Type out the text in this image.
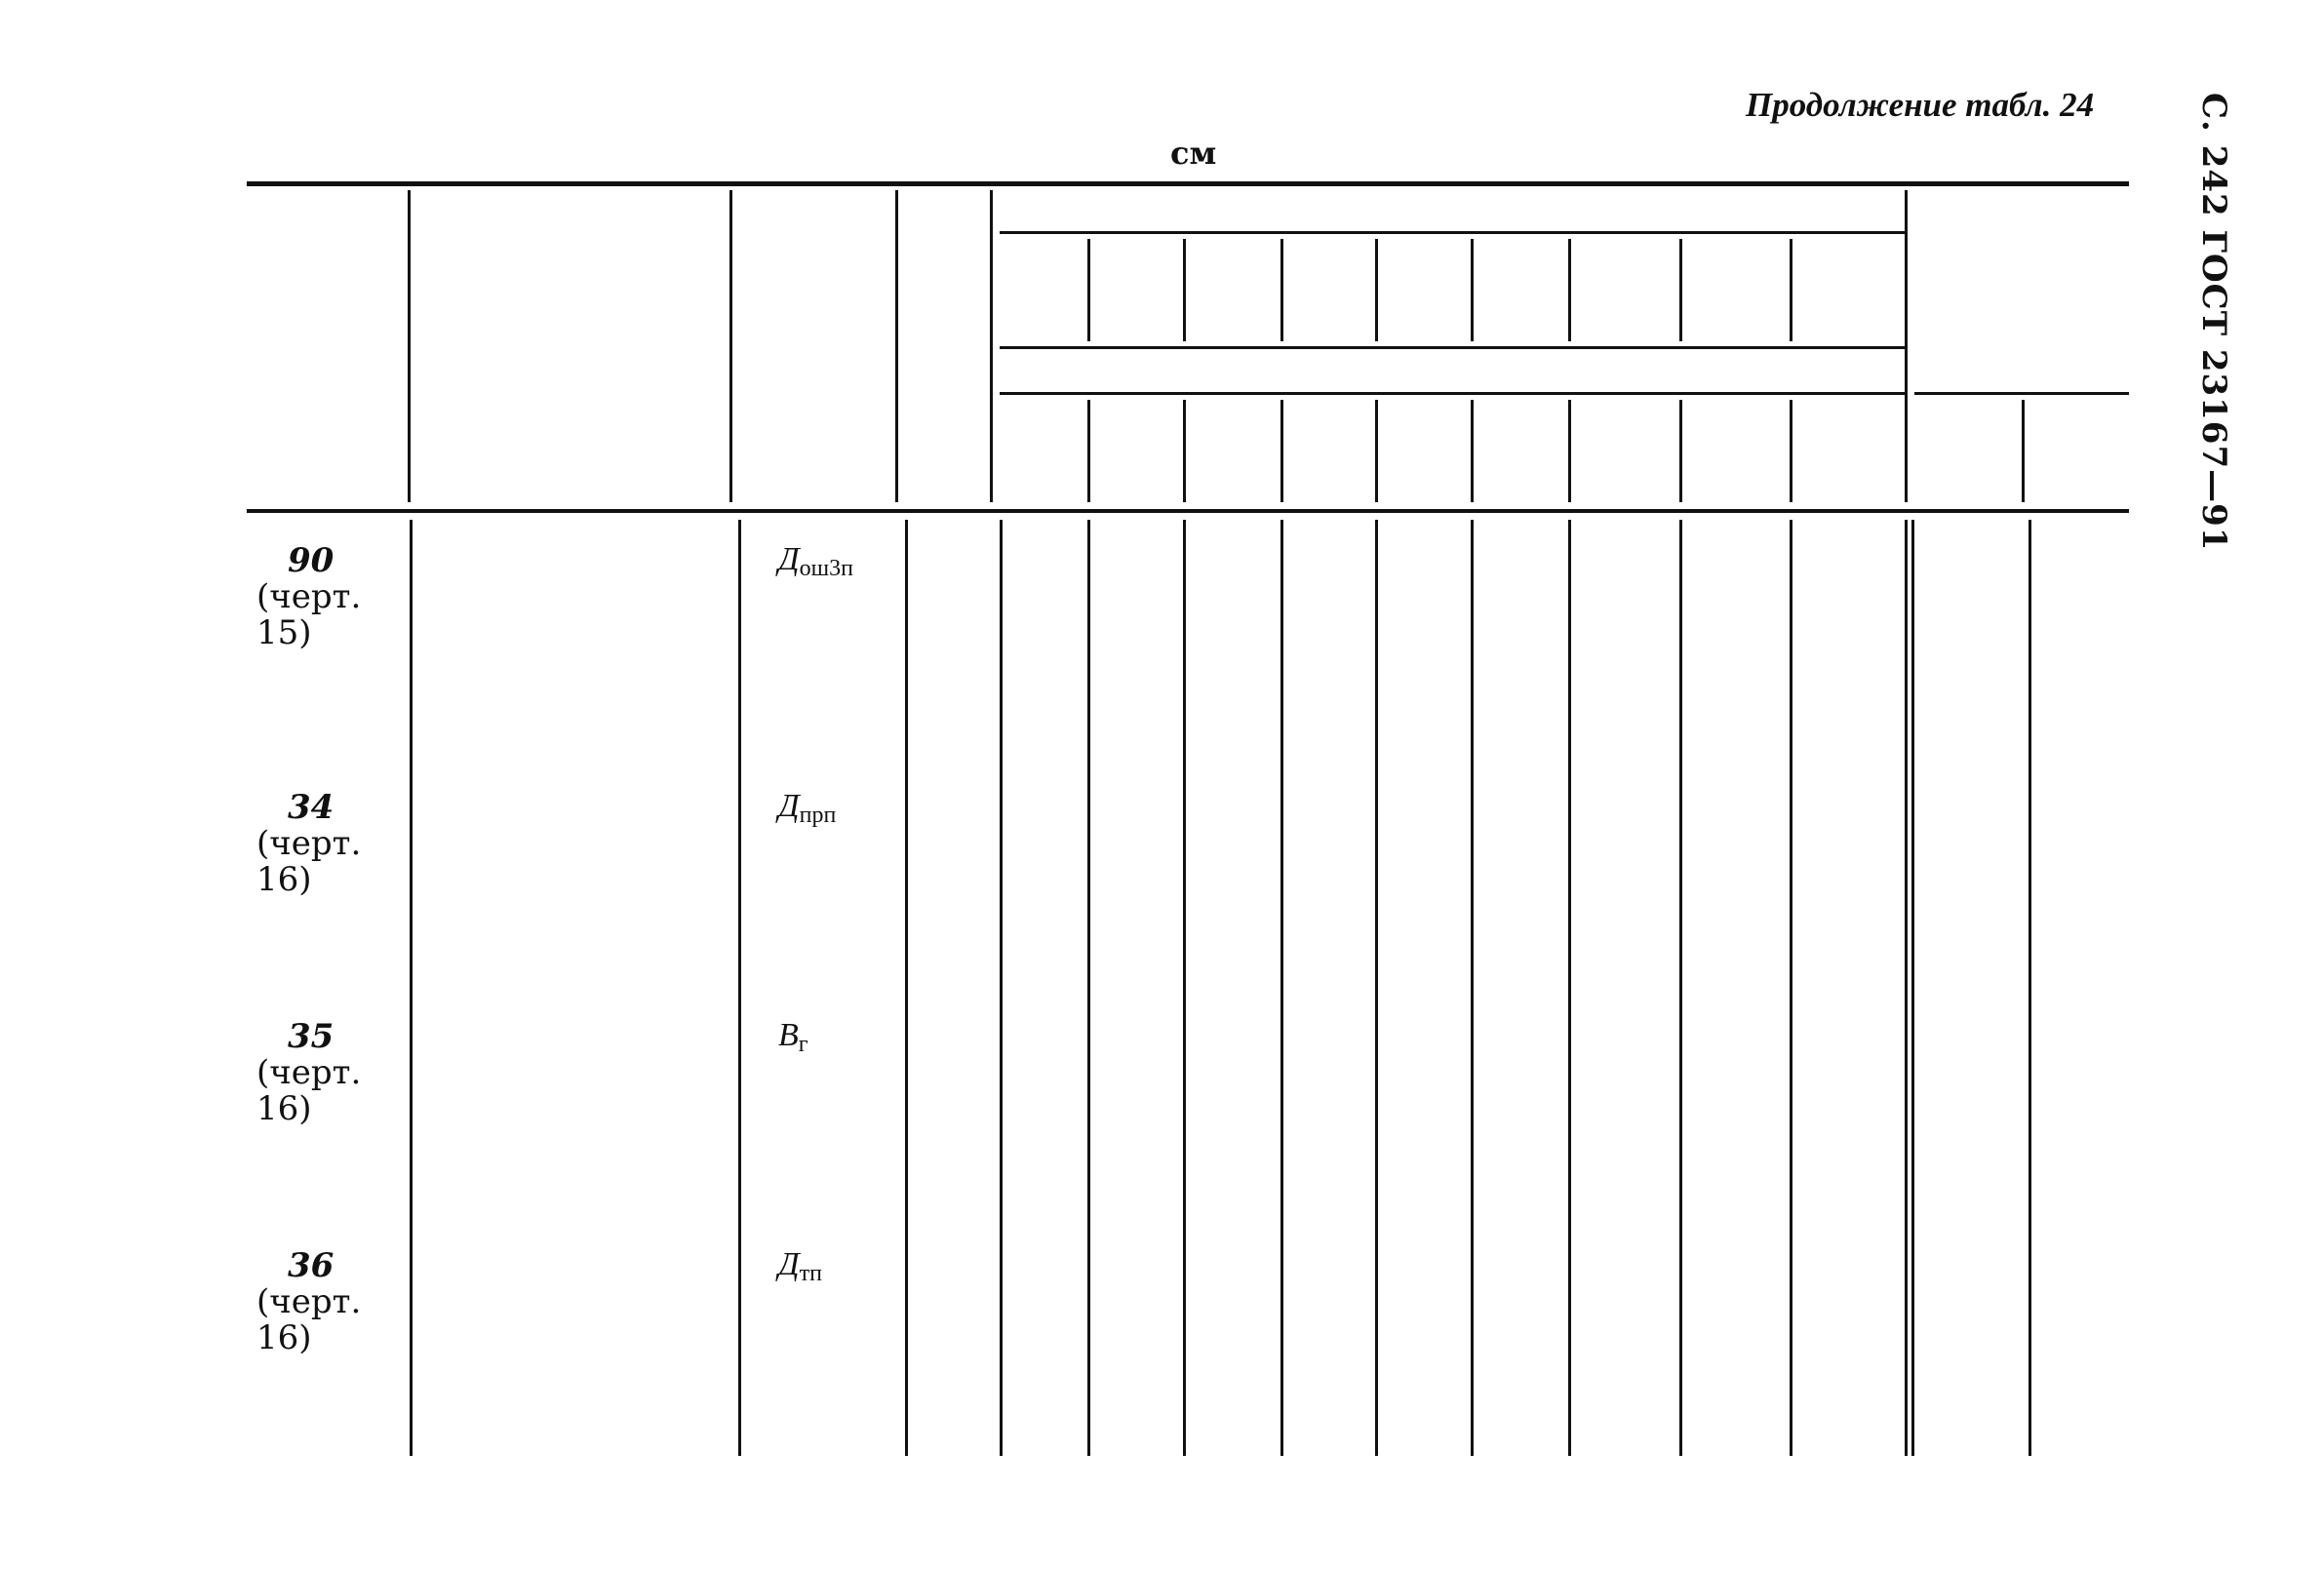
Продолжение табл. 24
см	С. 242 ГОСТ 23167—91
90
(черт.
15)
$Д_{ош3п}$
34
(черт.
16)
$Д_{прп}$
35
(черт.
16)
$В_г$
36
(черт.
16)
$Д_{тп}$
